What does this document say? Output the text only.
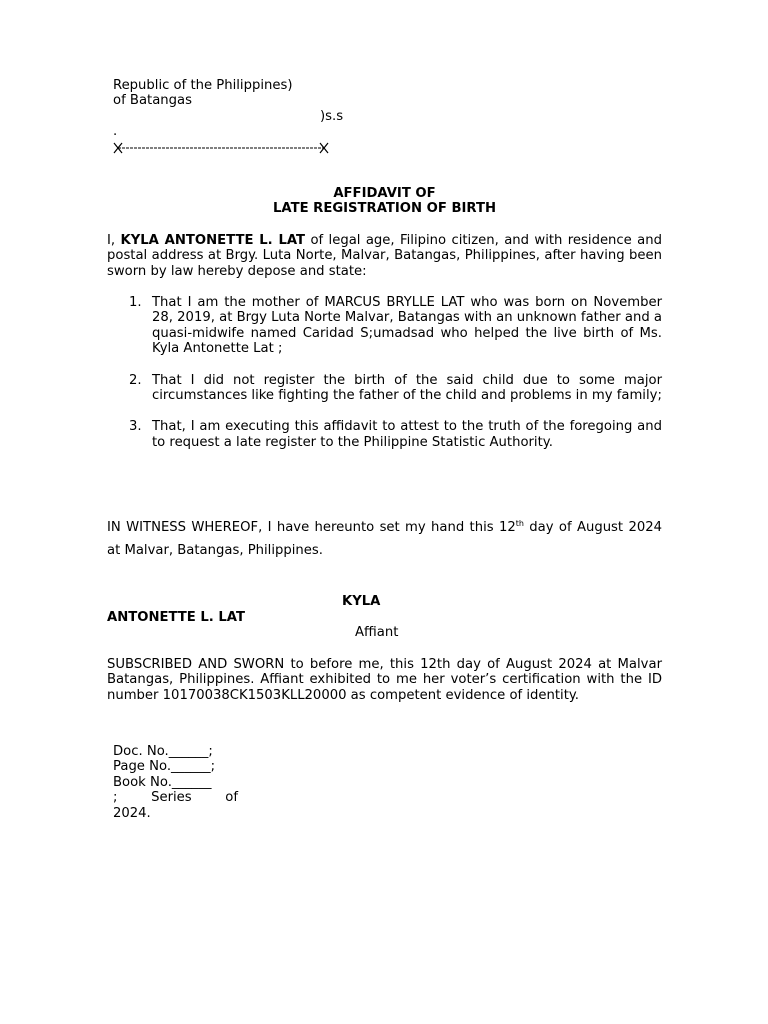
Republic of the Philippines)
of Batangas
)s.s
.
AFFIDAVIT OF
LATE REGISTRATION OF BIRTH

I, KYLA ANTONETTE L. LAT of legal age, Filipino citizen, and with residence and postal address at Brgy. Luta Norte, Malvar, Batangas, Philippines, after having been sworn by law hereby depose and state:

1. That I am the mother of MARCUS BRYLLE LAT who was born on November 28, 2019, at Brgy Luta Norte Malvar, Batangas with an unknown father and a quasi-midwife named Caridad S;umadsad who helped the live birth of Ms. Kyla Antonette Lat ;
2. That I did not register the birth of the said child due to some major circumstances like fighting the father of the child and problems in my family;
3. That, I am executing this affidavit to attest to the truth of the foregoing and to request a late register to the Philippine Statistic Authority.

IN WITNESS WHEREOF, I have hereunto set my hand this 12th day of August 2024 at Malvar, Batangas, Philippines.

KYLA
ANTONETTE L. LAT
Affiant

SUBSCRIBED AND SWORN to before me, this 12th day of August 2024 at Malvar Batangas, Philippines. Affiant exhibited to me her voter’s certification with the ID number 10170038CK1503KLL20000 as competent evidence of identity.

Doc. No.______;
Page No.______;
Book No.______
; Series of
2024.
